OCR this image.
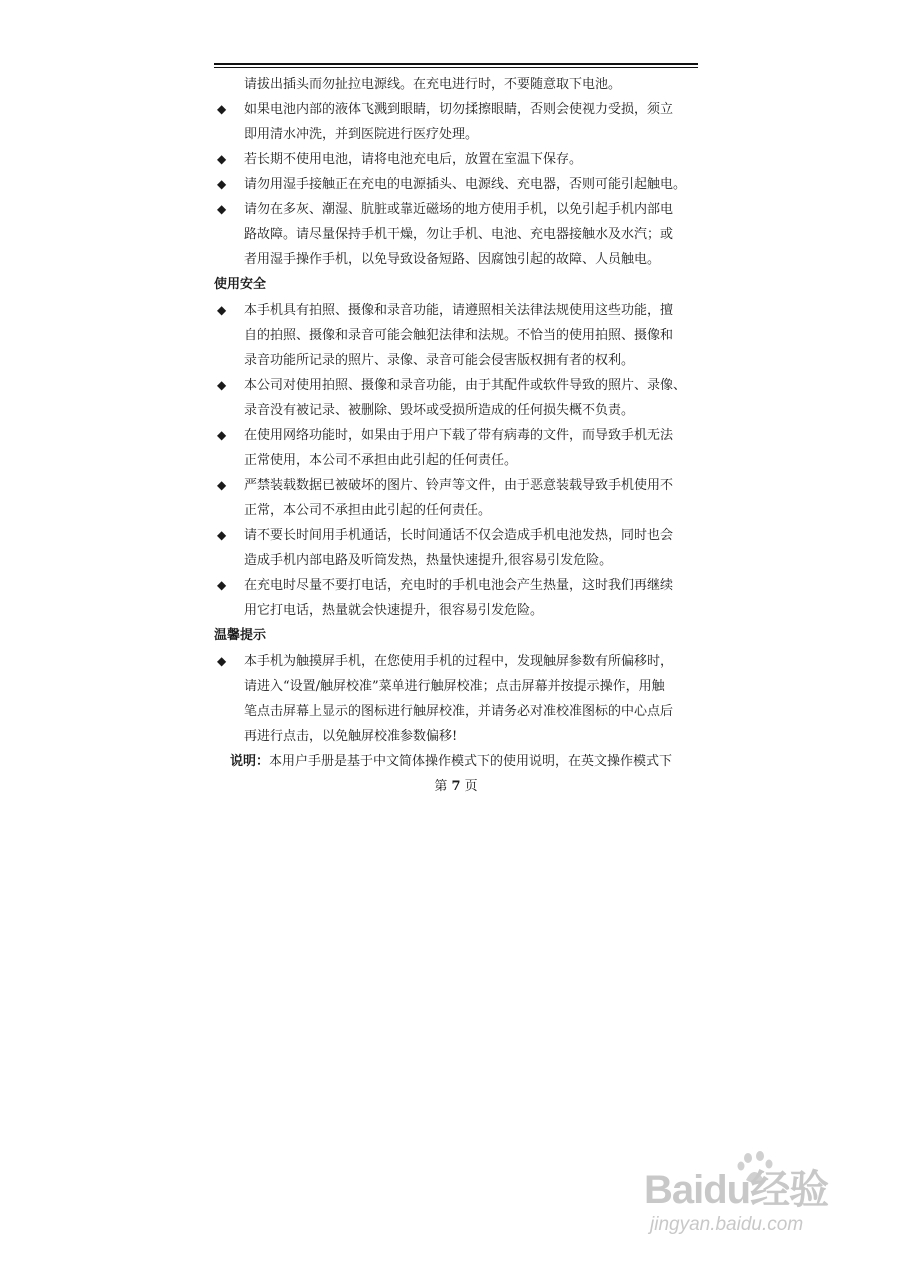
请拔出插头而勿扯拉电源线。在充电进行时，不要随意取下电池。
◆	如果电池内部的液体飞溅到眼睛，切勿揉擦眼睛，否则会使视力受损，须立
即用清水冲洗，并到医院进行医疗处理。
◆	若长期不使用电池，请将电池充电后，放置在室温下保存。
◆	请勿用湿手接触正在充电的电源插头、电源线、充电器，否则可能引起触电。
◆	请勿在多灰、潮湿、肮脏或靠近磁场的地方使用手机，以免引起手机内部电
路故障。请尽量保持手机干燥，勿让手机、电池、充电器接触水及水汽；或
者用湿手操作手机，以免导致设备短路、因腐蚀引起的故障、人员触电。
使用安全
◆	本手机具有拍照、摄像和录音功能，请遵照相关法律法规使用这些功能，擅
自的拍照、摄像和录音可能会触犯法律和法规。不恰当的使用拍照、摄像和
录音功能所记录的照片、录像、录音可能会侵害版权拥有者的权利。
◆	本公司对使用拍照、摄像和录音功能，由于其配件或软件导致的照片、录像、
录音没有被记录、被删除、毁坏或受损所造成的任何损失概不负责。
◆	在使用网络功能时，如果由于用户下载了带有病毒的文件，而导致手机无法
正常使用，本公司不承担由此引起的任何责任。
◆	严禁装载数据已被破坏的图片、铃声等文件，由于恶意装载导致手机使用不
正常，本公司不承担由此引起的任何责任。
◆	请不要长时间用手机通话，长时间通话不仅会造成手机电池发热，同时也会
造成手机内部电路及听筒发热，热量快速提升,很容易引发危险。
◆	在充电时尽量不要打电话，充电时的手机电池会产生热量，这时我们再继续
用它打电话，热量就会快速提升，很容易引发危险。
温馨提示
◆	本手机为触摸屏手机，在您使用手机的过程中，发现触屏参数有所偏移时，
请进入“设置/触屏校准”菜单进行触屏校准；点击屏幕并按提示操作，用触
笔点击屏幕上显示的图标进行触屏校准，并请务必对准校准图标的中心点后
再进行点击，以免触屏校准参数偏移!
说明：本用户手册是基于中文简体操作模式下的使用说明，在英文操作模式下
第 7 页
Baidu经验
jingyan.baidu.com
